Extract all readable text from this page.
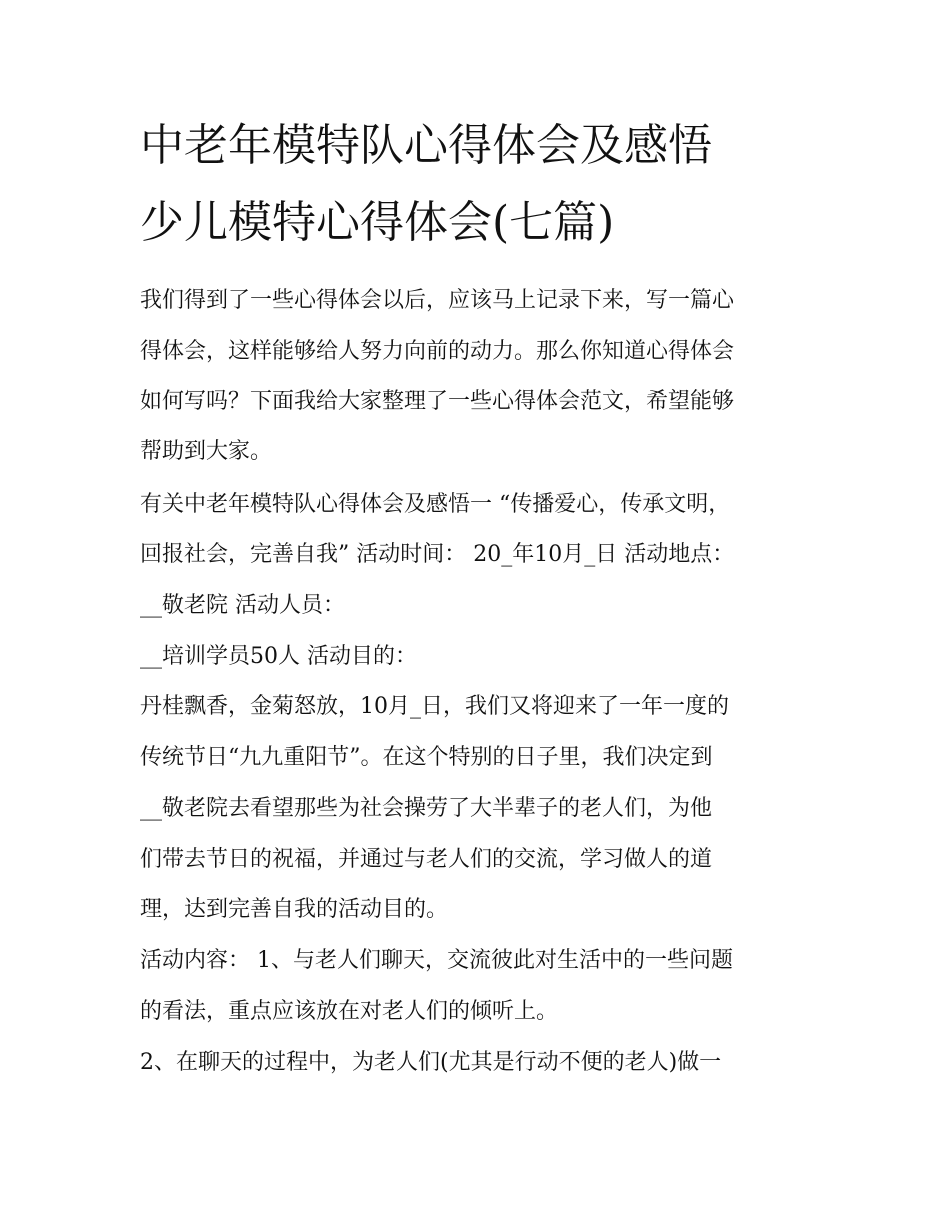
中老年模特队心得体会及感悟
少儿模特心得体会(七篇)
我们得到了一些心得体会以后，应该马上记录下来，写一篇心
得体会，这样能够给人努力向前的动力。那么你知道心得体会
如何写吗？下面我给大家整理了一些心得体会范文，希望能够
帮助到大家。
有关中老年模特队心得体会及感悟一 “传播爱心，传承文明，
回报社会，完善自我” 活动时间： 20_年10月_日 活动地点：
__敬老院 活动人员：
__培训学员50人 活动目的：
丹桂飘香，金菊怒放，10月_日，我们又将迎来了一年一度的
传统节日“九九重阳节”。在这个特别的日子里，我们决定到
__敬老院去看望那些为社会操劳了大半辈子的老人们，为他
们带去节日的祝福，并通过与老人们的交流，学习做人的道
理，达到完善自我的活动目的。
活动内容： 1、与老人们聊天，交流彼此对生活中的一些问题
的看法，重点应该放在对老人们的倾听上。
2、在聊天的过程中，为老人们(尤其是行动不便的老人)做一
